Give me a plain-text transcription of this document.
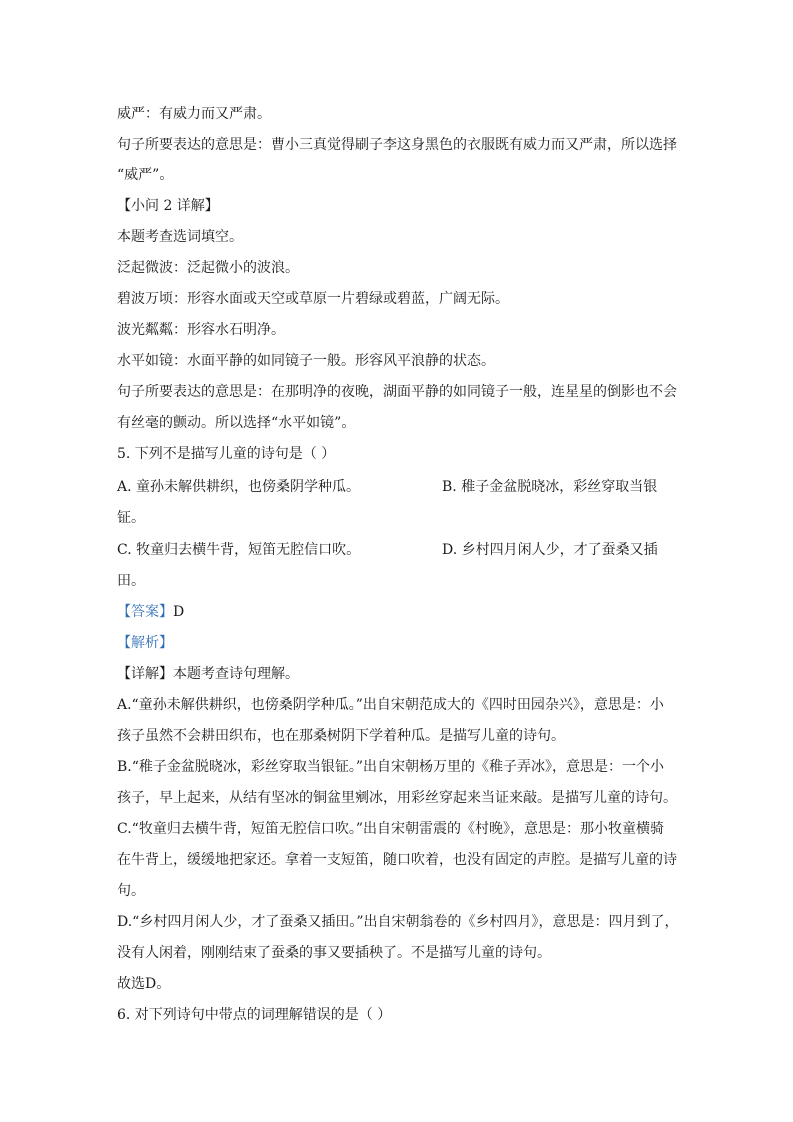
威严：有威力而又严肃。

句子所要表达的意思是：曹小三真觉得刷子李这身黑色的衣服既有威力而又严肃，所以选择

“威严”。

【小问 2 详解】

本题考查选词填空。

泛起微波：泛起微小的波浪。

碧波万顷：形容水面或天空或草原一片碧绿或碧蓝，广阔无际。

波光粼粼：形容水石明净。

水平如镜：水面平静的如同镜子一般。形容风平浪静的状态。

句子所要表达的意思是：在那明净的夜晚，湖面平静的如同镜子一般，连星星的倒影也不会

有丝毫的颤动。所以选择“水平如镜”。

5. 下列不是描写儿童的诗句是（ ）

A. 童孙未解供耕织，也傍桑阴学种瓜。	B. 稚子金盆脱晓冰，彩丝穿取当银

钲。

C. 牧童归去横牛背，短笛无腔信口吹。	D. 乡村四月闲人少，才了蚕桑又插

田。

【答案】D

【解析】

【详解】本题考查诗句理解。

A.“童孙未解供耕织，也傍桑阴学种瓜。”出自宋朝范成大的《四时田园杂兴》，意思是：小

孩子虽然不会耕田织布，也在那桑树阴下学着种瓜。是描写儿童的诗句。

B.“稚子金盆脱晓冰，彩丝穿取当银钲。”出自宋朝杨万里的《稚子弄冰》，意思是：一个小

孩子，早上起来，从结有坚冰的铜盆里剜冰，用彩丝穿起来当证来敲。是描写儿童的诗句。

C.“牧童归去横牛背，短笛无腔信口吹。”出自宋朝雷震的《村晚》，意思是：那小牧童横骑

在牛背上，缓缓地把家还。拿着一支短笛，随口吹着，也没有固定的声腔。是描写儿童的诗

句。

D.“乡村四月闲人少，才了蚕桑又插田。”出自宋朝翁卷的《乡村四月》，意思是：四月到了，

没有人闲着，刚刚结束了蚕桑的事又要插秧了。不是描写儿童的诗句。

故选D。

6. 对下列诗句中带点的词理解错误的是（ ）
